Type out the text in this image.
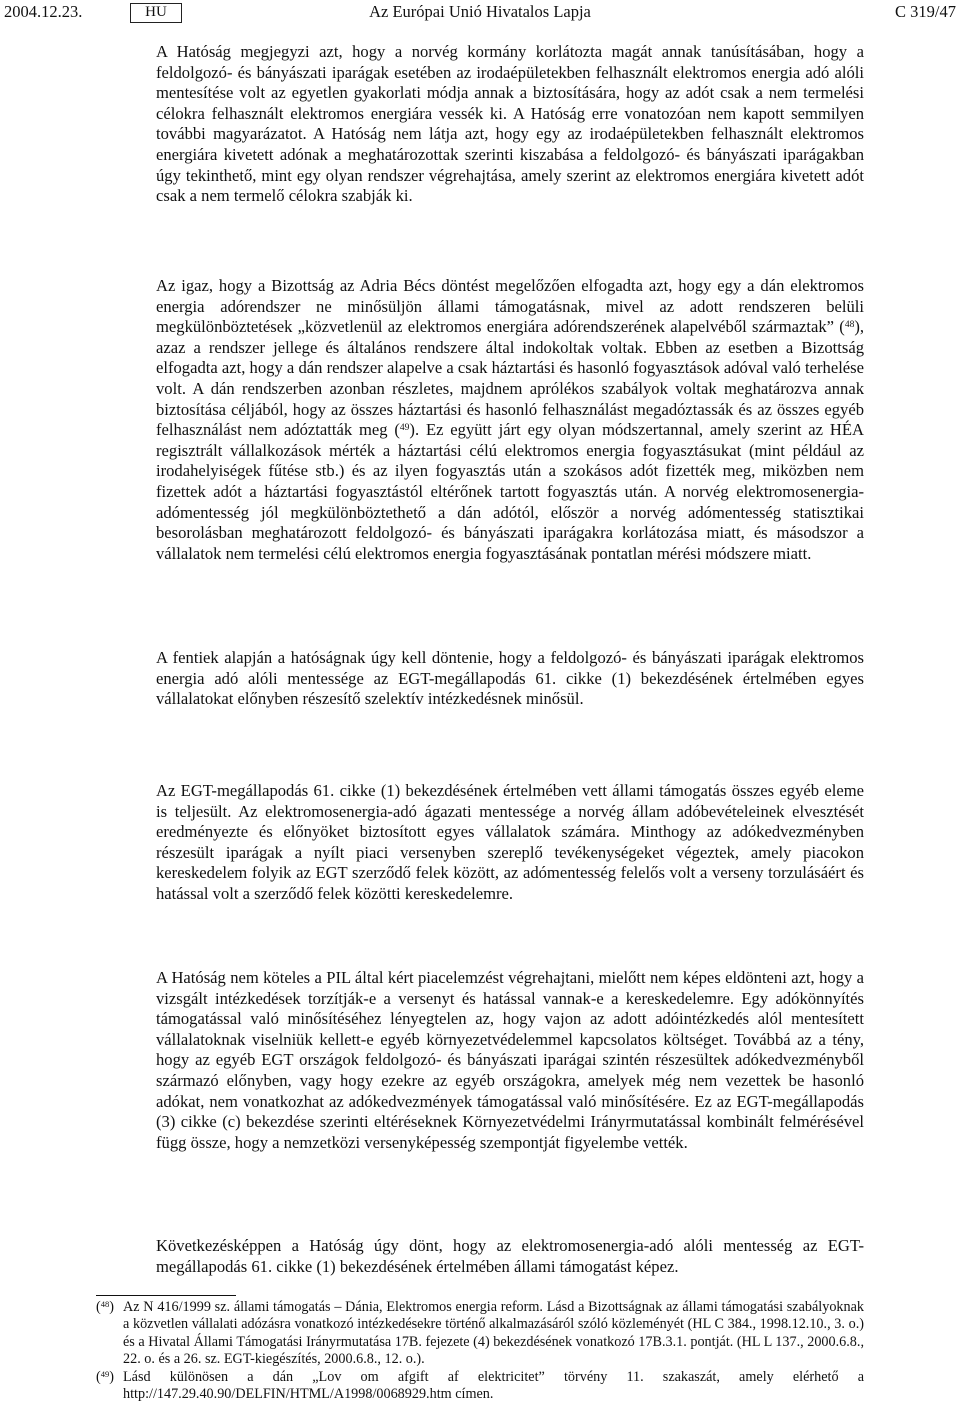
2004.12.23.	HU	Az Európai Unió Hivatalos Lapja	C 319/47

A Hatóság megjegyzi azt, hogy a norvég kormány korlátozta magát annak tanúsításában, hogy a feldolgozó- és bányászati iparágak esetében az irodaépületekben felhasznált elektromos energia adó alóli mentesítése volt az egyetlen gyakorlati módja annak a biztosítására, hogy az adót csak a nem termelési célokra felhasznált elektromos energiára vessék ki. A Hatóság erre vonatozóan nem kapott semmilyen további magyarázatot. A Hatóság nem látja azt, hogy egy az irodaépületekben felhasznált elektromos energiára kivetett adónak a meghatározottak szerinti kiszabása a feldolgozó- és bányászati iparágakban úgy tekinthető, mint egy olyan rendszer végrehajtása, amely szerint az elektromos energiára kivetett adót csak a nem termelő célokra szabják ki.

Az igaz, hogy a Bizottság az Adria Bécs döntést megelőzően elfogadta azt, hogy egy a dán elektromos energia adórendszer ne minősüljön állami támogatásnak, mivel az adott rendszeren belüli megkülönböztetések „közvetlenül az elektromos energiára adórendszerének alapelvéből származtak” ($^{48}$), azaz a rendszer jellege és általános rendszere által indokoltak voltak. Ebben az esetben a Bizottság elfogadta azt, hogy a dán rendszer alapelve a csak háztartási és hasonló fogyasztások adóval való terhelése volt. A dán rendszerben azonban részletes, majdnem aprólékos szabályok voltak meghatározva annak biztosítása céljából, hogy az összes háztartási és hasonló felhasználást megadóztassák és az összes egyéb felhasználást nem adóztatták meg ($^{49}$). Ez együtt járt egy olyan módszertannal, amely szerint az HÉA regisztrált vállalkozások mérték a háztartási célú elektromos energia fogyasztásukat (mint például az irodahelyiségek fűtése stb.) és az ilyen fogyasztás után a szokásos adót fizették meg, miközben nem fizettek adót a háztartási fogyasztástól eltérőnek tartott fogyasztás után. A norvég elektromosenergia-adómentesség jól megkülönböztethető a dán adótól, először a norvég adómentesség statisztikai besorolásban meghatározott feldolgozó- és bányászati iparágakra korlátozása miatt, és másodszor a vállalatok nem termelési célú elektromos energia fogyasztásának pontatlan mérési módszere miatt.

A fentiek alapján a hatóságnak úgy kell döntenie, hogy a feldolgozó- és bányászati iparágak elektromos energia adó alóli mentessége az EGT-megállapodás 61. cikke (1) bekezdésének értelmében egyes vállalatokat előnyben részesítő szelektív intézkedésnek minősül.

Az EGT-megállapodás 61. cikke (1) bekezdésének értelmében vett állami támogatás összes egyéb eleme is teljesült. Az elektromosenergia-adó ágazati mentessége a norvég állam adóbevételeinek elvesztését eredményezte és előnyöket biztosított egyes vállalatok számára. Minthogy az adókedvezményben részesült iparágak a nyílt piaci versenyben szereplő tevékenységeket végeztek, amely piacokon kereskedelem folyik az EGT szerződő felek között, az adómentesség felelős volt a verseny torzulásáért és hatással volt a szerződő felek közötti kereskedelemre.

A Hatóság nem köteles a PIL által kért piacelemzést végrehajtani, mielőtt nem képes eldönteni azt, hogy a vizsgált intézkedések torzítják-e a versenyt és hatással vannak-e a kereskedelemre. Egy adókönnyítés támogatással való minősítéséhez lényegtelen az, hogy vajon az adott adóintézkedés alól mentesített vállalatoknak viselniük kellett-e egyéb környezetvédelemmel kapcsolatos költséget. Továbbá az a tény, hogy az egyéb EGT országok feldolgozó- és bányászati iparágai szintén részesültek adókedvezményből származó előnyben, vagy hogy ezekre az egyéb országokra, amelyek még nem vezettek be hasonló adókat, nem vonatkozhat az adókedvezmények támogatással való minősítésére. Ez az EGT-megállapodás (3) cikke (c) bekezdése szerinti eltéréseknek Környezetvédelmi Irányrmutatással kombinált felmérésével függ össze, hogy a nemzetközi versenyképesség szempontját figyelembe vették.

Következésképpen a Hatóság úgy dönt, hogy az elektromosenergia-adó alóli mentesség az EGT-megállapodás 61. cikke (1) bekezdésének értelmében állami támogatást képez.

($^{48}$) Az N 416/1999 sz. állami támogatás – Dánia, Elektromos energia reform. Lásd a Bizottságnak az állami támogatási szabályoknak a közvetlen vállalati adózásra vonatkozó intézkedésekre történő alkalmazásáról szóló közleményét (HL C 384., 1998.12.10., 3. o.) és a Hivatal Állami Támogatási Irányrmutatása 17B. fejezete (4) bekezdésének vonatkozó 17B.3.1. pontját. (HL L 137., 2000.6.8., 22. o. és a 26. sz. EGT-kiegészítés, 2000.6.8., 12. o.).
($^{49}$) Lásd különösen a dán „Lov om afgift af elektricitet” törvény 11. szakaszát, amely elérhető a http://147.29.40.90/DELFIN/HTML/A1998/0068929.htm címen.
